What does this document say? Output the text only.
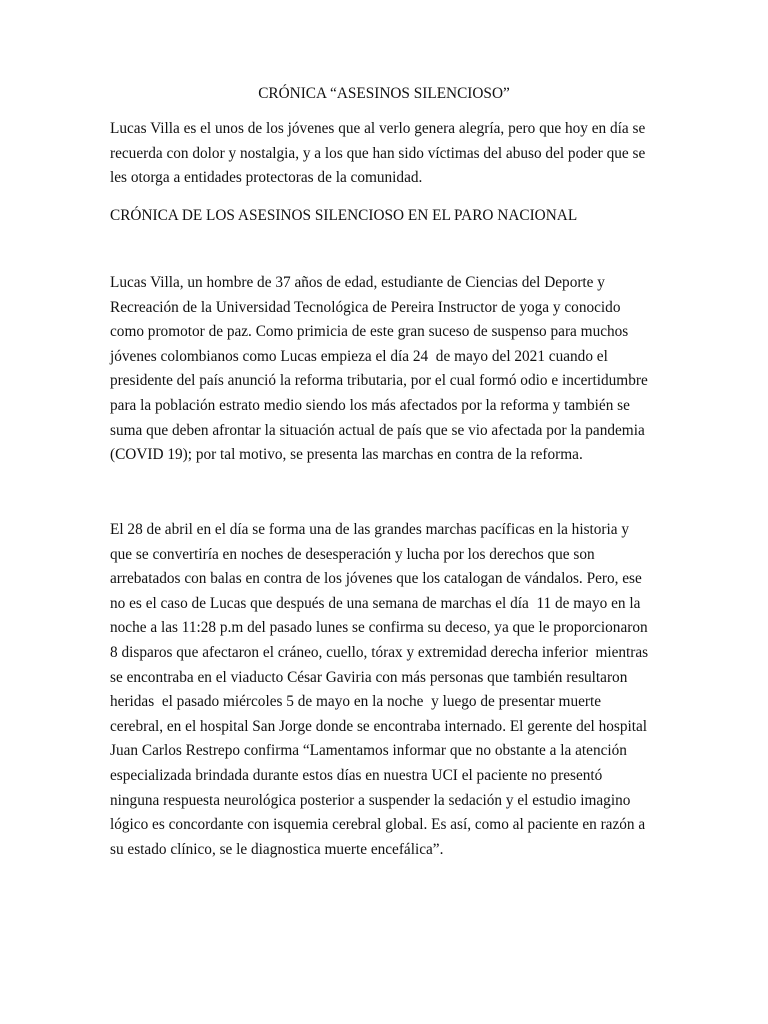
CRÓNICA “ASESINOS SILENCIOSO”
Lucas Villa es el unos de los jóvenes que al verlo genera alegría, pero que hoy en día se
recuerda con dolor y nostalgia, y a los que han sido víctimas del abuso del poder que se
les otorga a entidades protectoras de la comunidad.
CRÓNICA DE LOS ASESINOS SILENCIOSO EN EL PARO NACIONAL
Lucas Villa, un hombre de 37 años de edad, estudiante de Ciencias del Deporte y
Recreación de la Universidad Tecnológica de Pereira Instructor de yoga y conocido
como promotor de paz. Como primicia de este gran suceso de suspenso para muchos
jóvenes colombianos como Lucas empieza el día 24  de mayo del 2021 cuando el
presidente del país anunció la reforma tributaria, por el cual formó odio e incertidumbre
para la población estrato medio siendo los más afectados por la reforma y también se
suma que deben afrontar la situación actual de país que se vio afectada por la pandemia
(COVID 19); por tal motivo, se presenta las marchas en contra de la reforma.
El 28 de abril en el día se forma una de las grandes marchas pacíficas en la historia y
que se convertiría en noches de desesperación y lucha por los derechos que son
arrebatados con balas en contra de los jóvenes que los catalogan de vándalos. Pero, ese
no es el caso de Lucas que después de una semana de marchas el día  11 de mayo en la
noche a las 11:28 p.m del pasado lunes se confirma su deceso, ya que le proporcionaron
8 disparos que afectaron el cráneo, cuello, tórax y extremidad derecha inferior  mientras
se encontraba en el viaducto César Gaviria con más personas que también resultaron
heridas  el pasado miércoles 5 de mayo en la noche  y luego de presentar muerte
cerebral, en el hospital San Jorge donde se encontraba internado. El gerente del hospital
Juan Carlos Restrepo confirma “Lamentamos informar que no obstante a la atención
especializada brindada durante estos días en nuestra UCI el paciente no presentó
ninguna respuesta neurológica posterior a suspender la sedación y el estudio imagino
lógico es concordante con isquemia cerebral global. Es así, como al paciente en razón a
su estado clínico, se le diagnostica muerte encefálica”.
